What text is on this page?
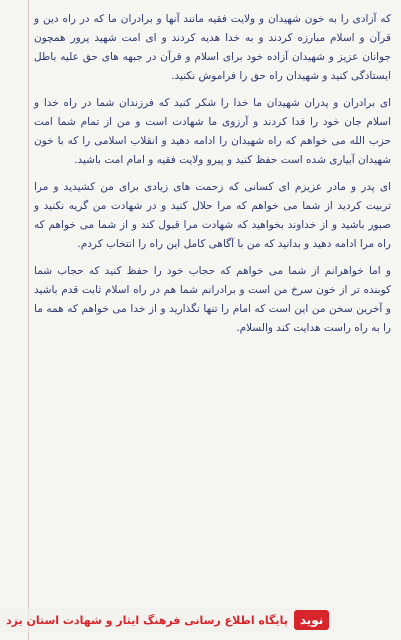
که آزادی را به خون شهیدان و ولایت فقیه مانند آنها و برادران ما که در راه دین و قرآن و اسلام مبارزه کردند و به خدا هدیه کردند و ای امت شهید پرور همچون جوانان عزیز و شهیدان آزاده خود برای اسلام و قرآن در جبهه های حق علیه باطل ایستادگی کنید و شهیدان راه حق را فراموش نکنید.

ای برادران و پدران شهیدان ما خدا را شکر کنید که فرزندان شما در راه خدا و اسلام جان خود را فدا کردند و آرزوی ما شهادت است و من از تمام شما امت حزب الله می خواهم که راه شهیدان را ادامه دهید و انقلاب اسلامی را که با خون شهیدان آبیاری شده است حفظ کنید و پیرو ولایت فقیه و امام امت باشید.

ای پدر و مادر عزیزم ای کسانی که زحمت های زیادی برای من کشیدید و مرا تربیت کردید از شما می خواهم که مرا حلال کنید و در شهادت من گریه نکنید و صبور باشید و از خداوند بخواهید که شهادت مرا قبول کند و از شما می خواهم که راه مرا ادامه دهید و بدانید که من با آگاهی کامل این راه را انتخاب کردم.

و اما خواهرانم از شما می خواهم که حجاب خود را حفظ کنید که حجاب شما کوبنده تر از خون سرخ من است و برادرانم شما هم در راه اسلام ثابت قدم باشید و آخرین سخن من این است که امام را تنها نگذارید و از خدا می خواهم که همه ما را به راه راست هدایت کند والسلام.

نوید
پایگاه اطلاع رسانی فرهنگ ایثار و شهادت استان یزد
